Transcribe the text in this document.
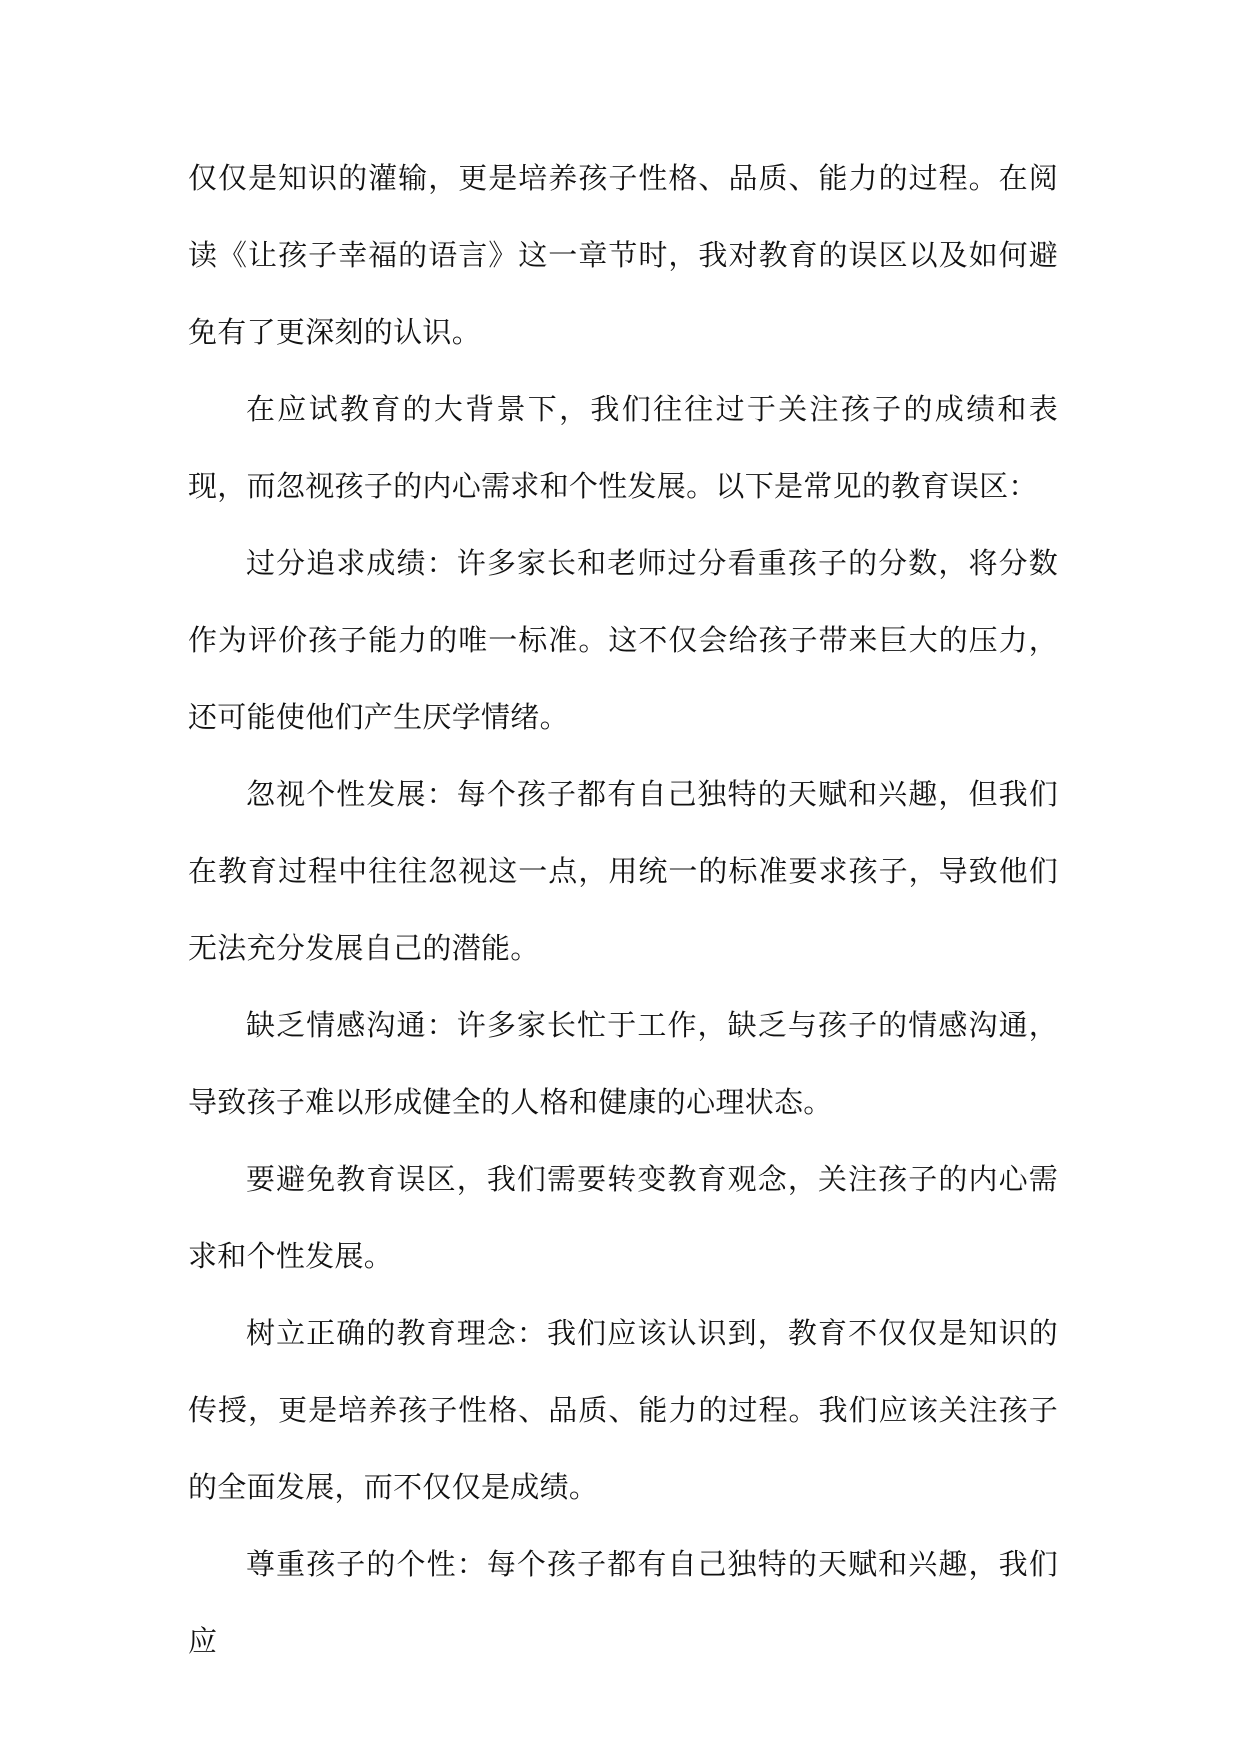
仅仅是知识的灌输，更是培养孩子性格、品质、能力的过程。在阅读《让孩子幸福的语言》这一章节时，我对教育的误区以及如何避免有了更深刻的认识。

在应试教育的大背景下，我们往往过于关注孩子的成绩和表现，而忽视孩子的内心需求和个性发展。以下是常见的教育误区：

过分追求成绩：许多家长和老师过分看重孩子的分数，将分数作为评价孩子能力的唯一标准。这不仅会给孩子带来巨大的压力，还可能使他们产生厌学情绪。

忽视个性发展：每个孩子都有自己独特的天赋和兴趣，但我们在教育过程中往往忽视这一点，用统一的标准要求孩子，导致他们无法充分发展自己的潜能。

缺乏情感沟通：许多家长忙于工作，缺乏与孩子的情感沟通，导致孩子难以形成健全的人格和健康的心理状态。

要避免教育误区，我们需要转变教育观念，关注孩子的内心需求和个性发展。

树立正确的教育理念：我们应该认识到，教育不仅仅是知识的传授，更是培养孩子性格、品质、能力的过程。我们应该关注孩子的全面发展，而不仅仅是成绩。

尊重孩子的个性：每个孩子都有自己独特的天赋和兴趣，我们应
